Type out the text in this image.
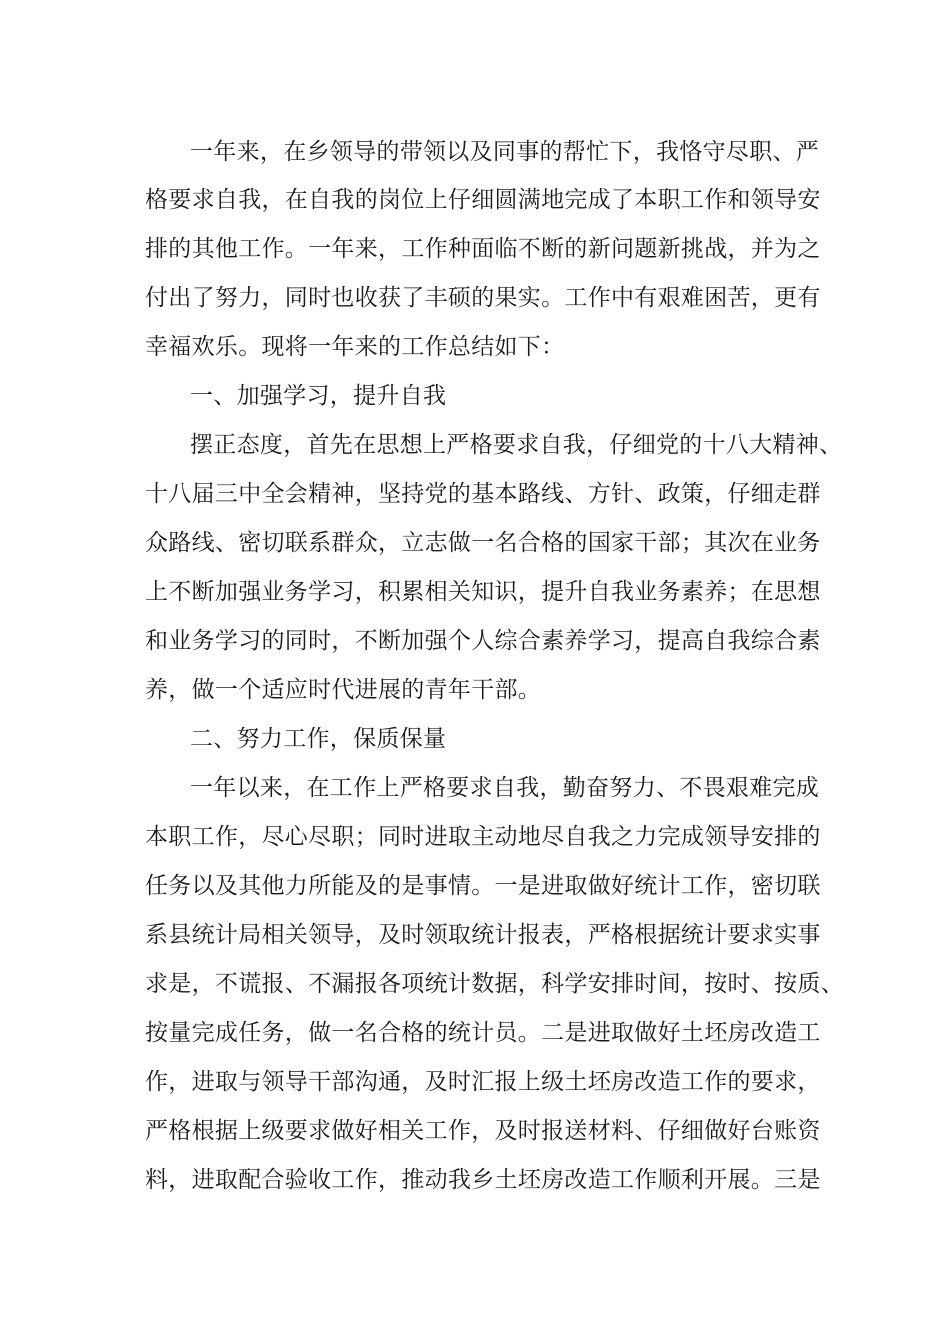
一年来，在乡领导的带领以及同事的帮忙下，我恪守尽职、严
格要求自我，在自我的岗位上仔细圆满地完成了本职工作和领导安
排的其他工作。一年来，工作种面临不断的新问题新挑战，并为之
付出了努力，同时也收获了丰硕的果实。工作中有艰难困苦，更有
幸福欢乐。现将一年来的工作总结如下：
一、加强学习，提升自我
摆正态度，首先在思想上严格要求自我，仔细党的十八大精神、
十八届三中全会精神，坚持党的基本路线、方针、政策，仔细走群
众路线、密切联系群众，立志做一名合格的国家干部；其次在业务
上不断加强业务学习，积累相关知识，提升自我业务素养；在思想
和业务学习的同时，不断加强个人综合素养学习，提高自我综合素
养，做一个适应时代进展的青年干部。
二、努力工作，保质保量
一年以来，在工作上严格要求自我，勤奋努力、不畏艰难完成
本职工作，尽心尽职；同时进取主动地尽自我之力完成领导安排的
任务以及其他力所能及的是事情。一是进取做好统计工作，密切联
系县统计局相关领导，及时领取统计报表，严格根据统计要求实事
求是，不谎报、不漏报各项统计数据，科学安排时间，按时、按质、
按量完成任务，做一名合格的统计员。二是进取做好土坯房改造工
作，进取与领导干部沟通，及时汇报上级土坯房改造工作的要求，
严格根据上级要求做好相关工作，及时报送材料、仔细做好台账资
料，进取配合验收工作，推动我乡土坯房改造工作顺利开展。三是
